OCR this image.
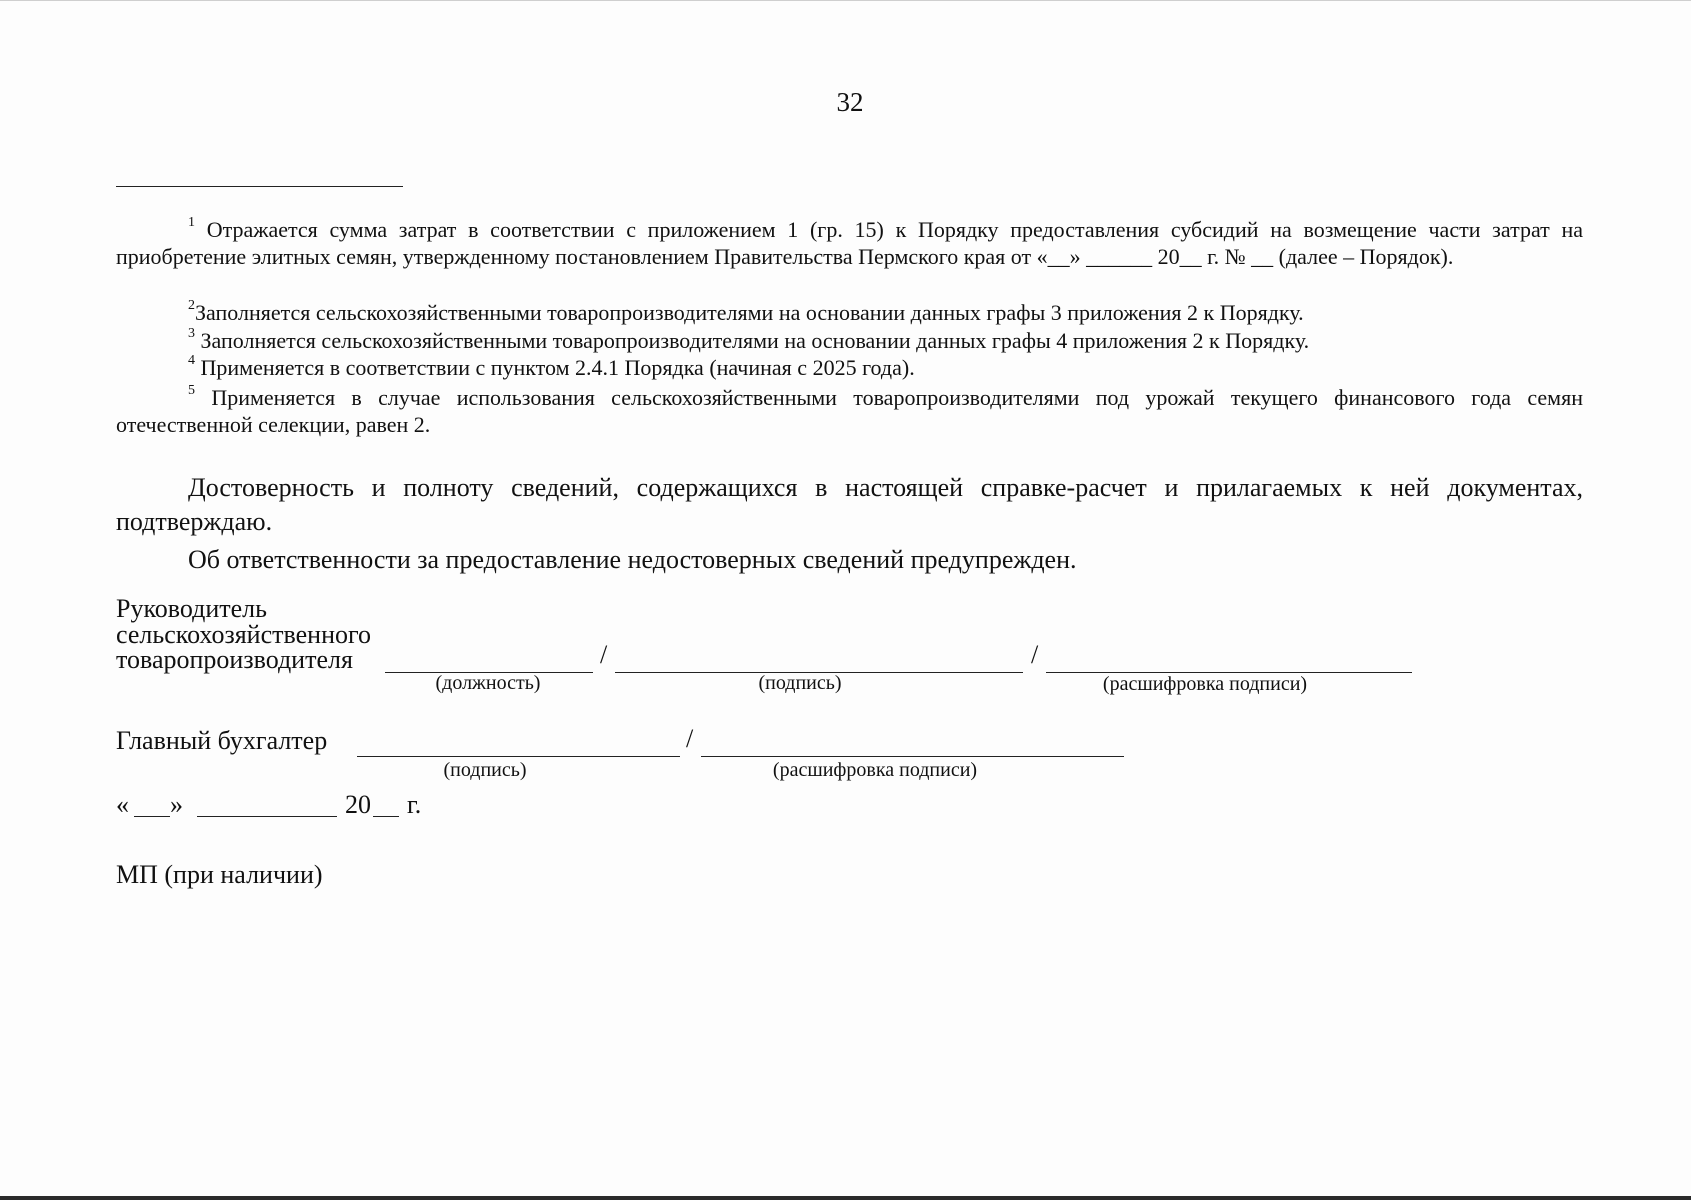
32
$^1$ Отражается сумма затрат в соответствии с приложением 1 (гр. 15) к Порядку предоставления субсидий на возмещение части затрат на приобретение элитных семян, утвержденному постановлением Правительства Пермского края от «__» ______ 20__ г. № __ (далее – Порядок).
$^2$Заполняется сельскохозяйственными товаропроизводителями на основании данных графы 3 приложения 2 к Порядку.
$^3$ Заполняется сельскохозяйственными товаропроизводителями на основании данных графы 4 приложения 2 к Порядку.
$^4$ Применяется в соответствии с пунктом 2.4.1 Порядка (начиная с 2025 года).
$^5$ Применяется в случае использования сельскохозяйственными товаропроизводителями под урожай текущего финансового года семян отечественной селекции, равен 2.
Достоверность и полноту сведений, содержащихся в настоящей справке-расчет и прилагаемых к ней документах, подтверждаю.
Об ответственности за предоставление недостоверных сведений предупрежден.
Руководитель
сельскохозяйственного
товаропроизводителя	/	/
(должность)	(подпись)	(расшифровка подписи)
Главный бухгалтер	/
(подпись)	(расшифровка подписи)
« »	20 г.
МП (при наличии)
